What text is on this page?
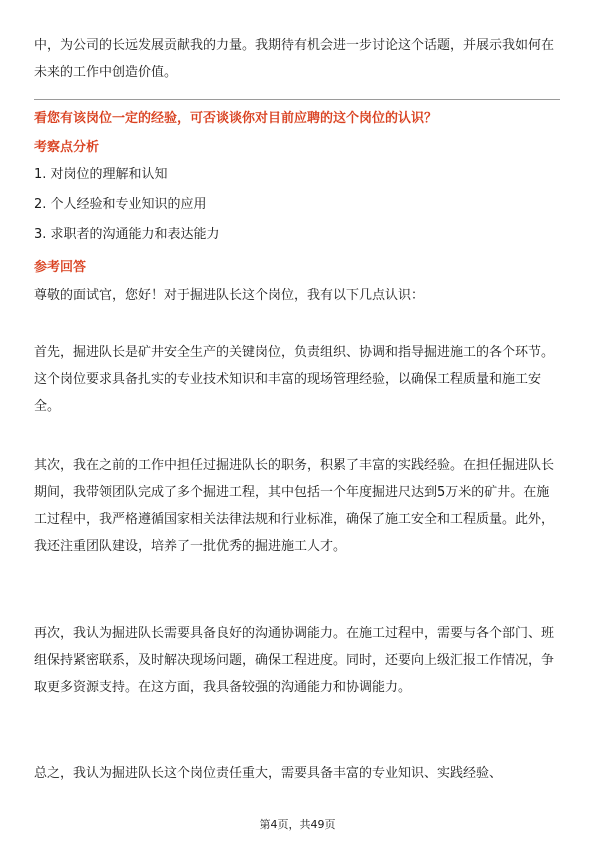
中，为公司的长远发展贡献我的力量。我期待有机会进一步讨论这个话题，并展示我如何在未来的工作中创造价值。

看您有该岗位一定的经验，可否谈谈你对目前应聘的这个岗位的认识？

考察点分析

1. 对岗位的理解和认知
2. 个人经验和专业知识的应用
3. 求职者的沟通能力和表达能力

参考回答

尊敬的面试官，您好！对于掘进队长这个岗位，我有以下几点认识：

首先，掘进队长是矿井安全生产的关键岗位，负责组织、协调和指导掘进施工的各个环节。这个岗位要求具备扎实的专业技术知识和丰富的现场管理经验，以确保工程质量和施工安全。

其次，我在之前的工作中担任过掘进队长的职务，积累了丰富的实践经验。在担任掘进队长期间，我带领团队完成了多个掘进工程，其中包括一个年度掘进尺达到5万米的矿井。在施工过程中，我严格遵循国家相关法律法规和行业标准，确保了施工安全和工程质量。此外，我还注重团队建设，培养了一批优秀的掘进施工人才。

再次，我认为掘进队长需要具备良好的沟通协调能力。在施工过程中，需要与各个部门、班组保持紧密联系，及时解决现场问题，确保工程进度。同时，还要向上级汇报工作情况，争取更多资源支持。在这方面，我具备较强的沟通能力和协调能力。

总之，我认为掘进队长这个岗位责任重大，需要具备丰富的专业知识、实践经验、

第4页，共49页
